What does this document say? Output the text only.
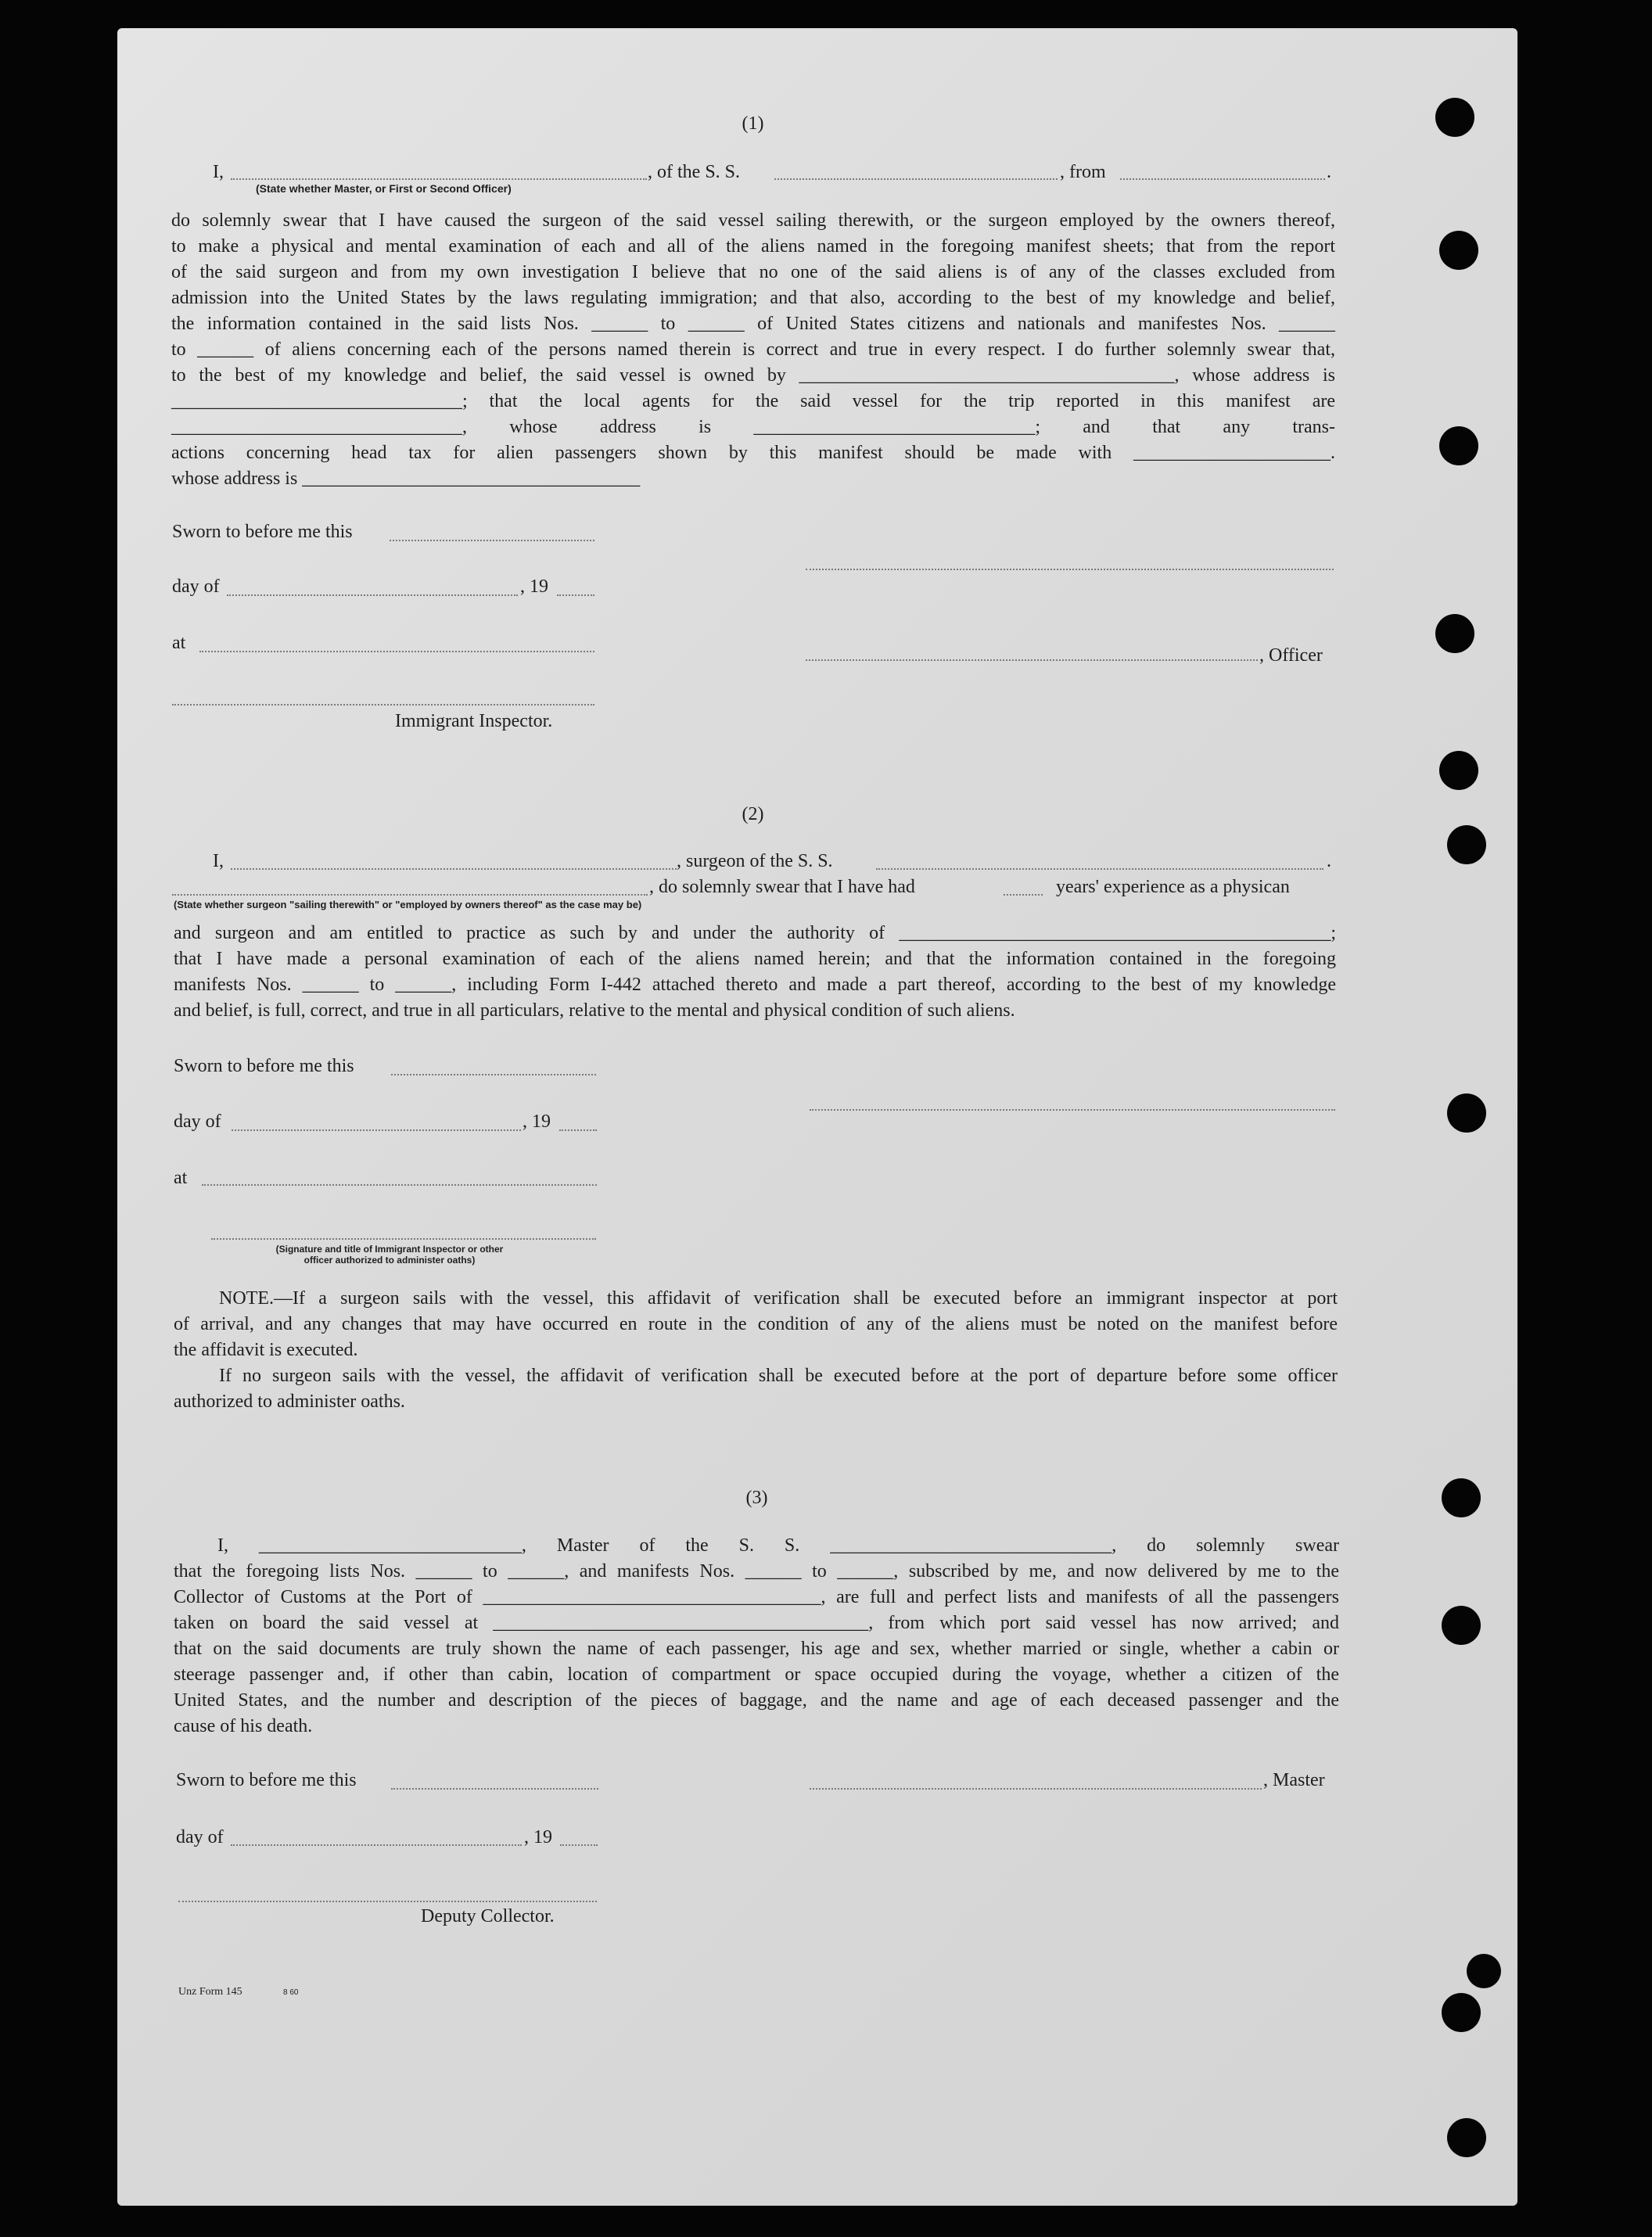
(1)
I,	, of the S. S.	, from	.
(State whether Master, or First or Second Officer)
do solemnly swear that I have caused the surgeon of the said vessel sailing therewith, or the surgeon employed by the owners thereof,
to make a physical and mental examination of each and all of the aliens named in the foregoing manifest sheets; that from the report
of the said surgeon and from my own investigation I believe that no one of the said aliens is of any of the classes excluded from
admission into the United States by the laws regulating immigration; and that also, according to the best of my knowledge and belief,
the information contained in the said lists Nos. ______ to ______ of United States citizens and nationals and manifestes Nos. ______
to ______ of aliens concerning each of the persons named therein is correct and true in every respect. I do further solemnly swear that,
to the best of my knowledge and belief, the said vessel is owned by ________________________________________, whose address is
_______________________________; that the local agents for the said vessel for the trip reported in this manifest are
_______________________________, whose address is ______________________________; and that any trans-
actions concerning head tax for alien passengers shown by this manifest should be made with _____________________.
whose address is ____________________________________
Sworn to before me this
day of	, 19
at
, Officer
Immigrant Inspector.
(2)
I,	, surgeon of the S. S.	.
, do solemnly swear that I have had	years' experience as a physican
(State whether surgeon "sailing therewith" or "employed by owners thereof" as the case may be)
and surgeon and am entitled to practice as such by and under the authority of ______________________________________________;
that I have made a personal examination of each of the aliens named herein; and that the information contained in the foregoing
manifests Nos. ______ to ______, including Form I-442 attached thereto and made a part thereof, according to the best of my knowledge
and belief, is full, correct, and true in all particulars, relative to the mental and physical condition of such aliens.
Sworn to before me this
day of	, 19
at
(Signature and title of Immigrant Inspector or other
officer authorized to administer oaths)
NOTE.—If a surgeon sails with the vessel, this affidavit of verification shall be executed before an immigrant inspector at port
of arrival, and any changes that may have occurred en route in the condition of any of the aliens must be noted on the manifest before
the affidavit is executed.
If no surgeon sails with the vessel, the affidavit of verification shall be executed before at the port of departure before some officer
authorized to administer oaths.
(3)
I, ____________________________, Master of the S. S. ______________________________, do solemnly swear
that the foregoing lists Nos. ______ to ______, and manifests Nos. ______ to ______, subscribed by me, and now delivered by me to the
Collector of Customs at the Port of ____________________________________, are full and perfect lists and manifests of all the passengers
taken on board the said vessel at ________________________________________, from which port said vessel has now arrived; and
that on the said documents are truly shown the name of each passenger, his age and sex, whether married or single, whether a cabin or
steerage passenger and, if other than cabin, location of compartment or space occupied during the voyage, whether a citizen of the
United States, and the number and description of the pieces of baggage, and the name and age of each deceased passenger and the
cause of his death.
Sworn to before me this	, Master
day of	, 19
Deputy Collector.
Unz Form 145	8 60
